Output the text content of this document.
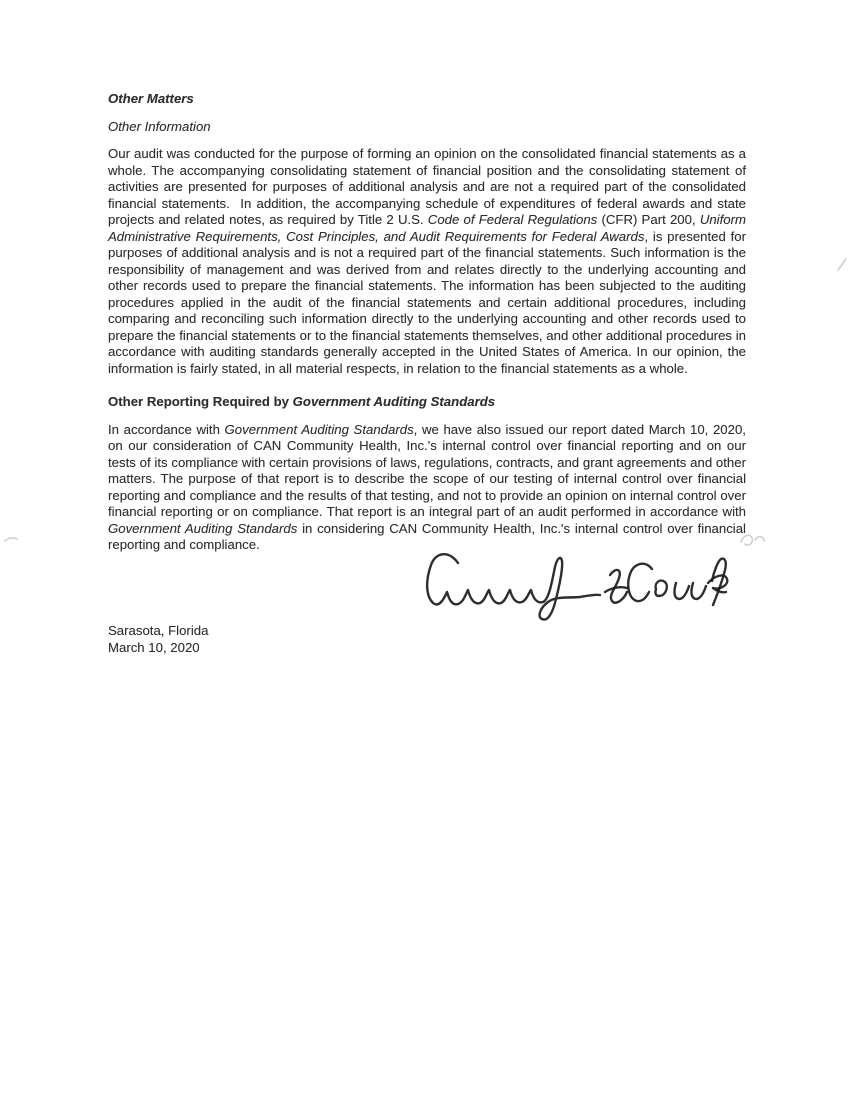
Other Matters
Other Information
Our audit was conducted for the purpose of forming an opinion on the consolidated financial statements as a whole. The accompanying consolidating statement of financial position and the consolidating statement of activities are presented for purposes of additional analysis and are not a required part of the consolidated financial statements.  In addition, the accompanying schedule of expenditures of federal awards and state projects and related notes, as required by Title 2 U.S. Code of Federal Regulations (CFR) Part 200, Uniform Administrative Requirements, Cost Principles, and Audit Requirements for Federal Awards, is presented for purposes of additional analysis and is not a required part of the financial statements. Such information is the responsibility of management and was derived from and relates directly to the underlying accounting and other records used to prepare the financial statements. The information has been subjected to the auditing procedures applied in the audit of the financial statements and certain additional procedures, including comparing and reconciling such information directly to the underlying accounting and other records used to prepare the financial statements or to the financial statements themselves, and other additional procedures in accordance with auditing standards generally accepted in the United States of America. In our opinion, the information is fairly stated, in all material respects, in relation to the financial statements as a whole.
Other Reporting Required by Government Auditing Standards
In accordance with Government Auditing Standards, we have also issued our report dated March 10, 2020, on our consideration of CAN Community Health, Inc.'s internal control over financial reporting and on our tests of its compliance with certain provisions of laws, regulations, contracts, and grant agreements and other matters. The purpose of that report is to describe the scope of our testing of internal control over financial reporting and compliance and the results of that testing, and not to provide an opinion on internal control over financial reporting or on compliance. That report is an integral part of an audit performed in accordance with Government Auditing Standards in considering CAN Community Health, Inc.'s internal control over financial reporting and compliance.
Sarasota, Florida
March 10, 2020
